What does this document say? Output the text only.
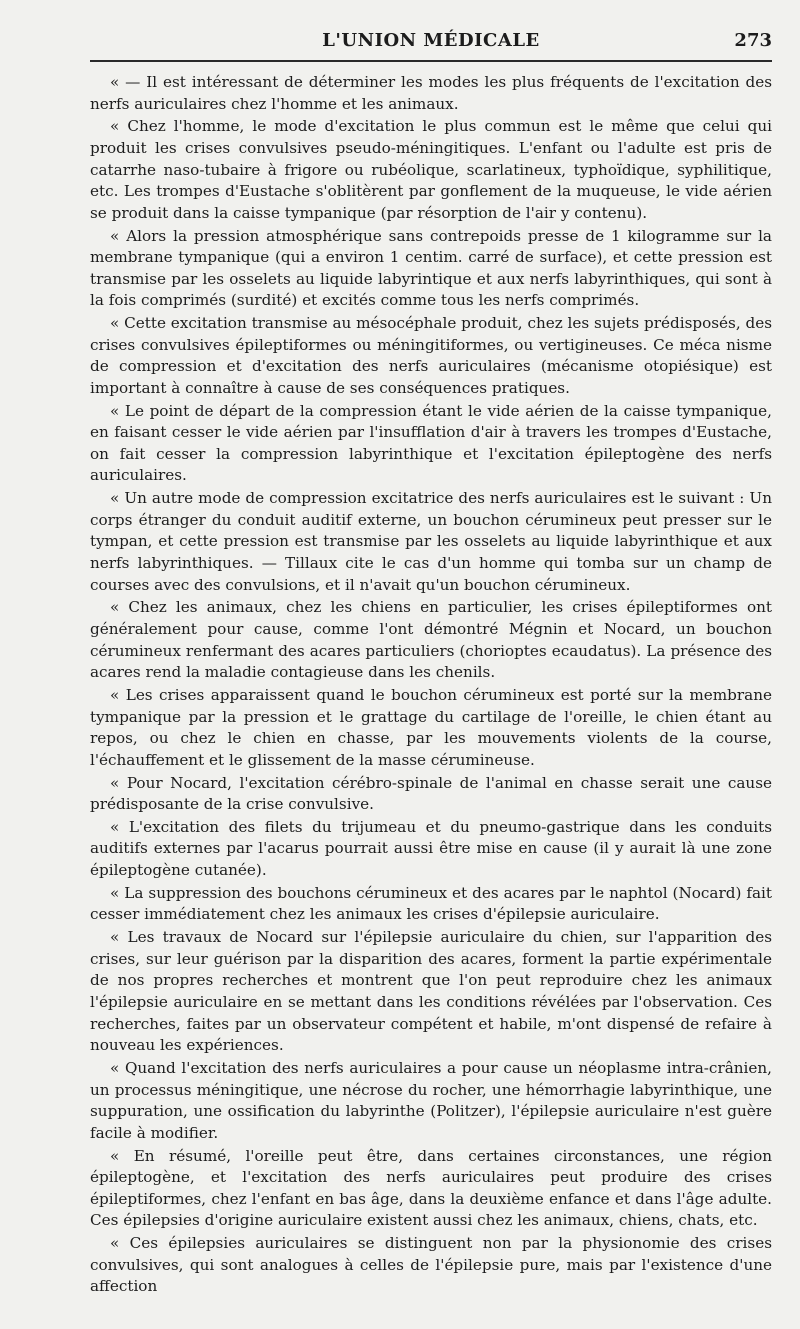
L'UNION MÉDICALE	273

« — Il est intéressant de déterminer les modes les plus fréquents de l'excitation des nerfs auriculaires chez l'homme et les animaux.

« Chez l'homme, le mode d'excitation le plus commun est le même que celui qui produit les crises convulsives pseudo-méningitiques. L'enfant ou l'adulte est pris de catarrhe naso-tubaire à frigore ou rubéolique, scarlatineux, typhoïdique, syphilitique, etc. Les trompes d'Eustache s'oblitèrent par gonflement de la muqueuse, le vide aérien se produit dans la caisse tympanique (par résorption de l'air y contenu).

« Alors la pression atmosphérique sans contrepoids presse de 1 kilogramme sur la membrane tympanique (qui a environ 1 centim. carré de surface), et cette pression est transmise par les osselets au liquide labyrintique et aux nerfs labyrinthiques, qui sont à la fois comprimés (surdité) et excités comme tous les nerfs comprimés.

« Cette excitation transmise au mésocéphale produit, chez les sujets prédisposés, des crises convulsives épileptiformes ou méningitiformes, ou vertigineuses. Ce méca nisme de compression et d'excitation des nerfs auriculaires (mécanisme otopiésique) est important à connaître à cause de ses conséquences pratiques.

« Le point de départ de la compression étant le vide aérien de la caisse tympanique, en faisant cesser le vide aérien par l'insufflation d'air à travers les trompes d'Eustache, on fait cesser la compression labyrinthique et l'excitation épileptogène des nerfs auriculaires.

« Un autre mode de compression excitatrice des nerfs auriculaires est le suivant : Un corps étranger du conduit auditif externe, un bouchon cérumineux peut presser sur le tympan, et cette pression est transmise par les osselets au liquide labyrinthique et aux nerfs labyrinthiques. — Tillaux cite le cas d'un homme qui tomba sur un champ de courses avec des convulsions, et il n'avait qu'un bouchon cérumineux.

« Chez les animaux, chez les chiens en particulier, les crises épileptiformes ont généralement pour cause, comme l'ont démontré Mégnin et Nocard, un bouchon cérumineux renfermant des acares particuliers (chorioptes ecaudatus). La présence des acares rend la maladie contagieuse dans les chenils.

« Les crises apparaissent quand le bouchon cérumineux est porté sur la membrane tympanique par la pression et le grattage du cartilage de l'oreille, le chien étant au repos, ou chez le chien en chasse, par les mouvements violents de la course, l'échauffement et le glissement de la masse cérumineuse.

« Pour Nocard, l'excitation cérébro-spinale de l'animal en chasse serait une cause prédisposante de la crise convulsive.

« L'excitation des filets du trijumeau et du pneumo-gastrique dans les conduits auditifs externes par l'acarus pourrait aussi être mise en cause (il y aurait là une zone épileptogène cutanée).

« La suppression des bouchons cérumineux et des acares par le naphtol (Nocard) fait cesser immédiatement chez les animaux les crises d'épilepsie auriculaire.

« Les travaux de Nocard sur l'épilepsie auriculaire du chien, sur l'apparition des crises, sur leur guérison par la disparition des acares, forment la partie expérimentale de nos propres recherches et montrent que l'on peut reproduire chez les animaux l'épilepsie auriculaire en se mettant dans les conditions révélées par l'observation. Ces recherches, faites par un observateur compétent et habile, m'ont dispensé de refaire à nouveau les expériences.

« Quand l'excitation des nerfs auriculaires a pour cause un néoplasme intra-crânien, un processus méningitique, une nécrose du rocher, une hémorrhagie labyrinthique, une suppuration, une ossification du labyrinthe (Politzer), l'épilepsie auriculaire n'est guère facile à modifier.

« En résumé, l'oreille peut être, dans certaines circonstances, une région épileptogène, et l'excitation des nerfs auriculaires peut produire des crises épileptiformes, chez l'enfant en bas âge, dans la deuxième enfance et dans l'âge adulte. Ces épilepsies d'origine auriculaire existent aussi chez les animaux, chiens, chats, etc.

« Ces épilepsies auriculaires se distinguent non par la physionomie des crises convulsives, qui sont analogues à celles de l'épilepsie pure, mais par l'existence d'une affection
